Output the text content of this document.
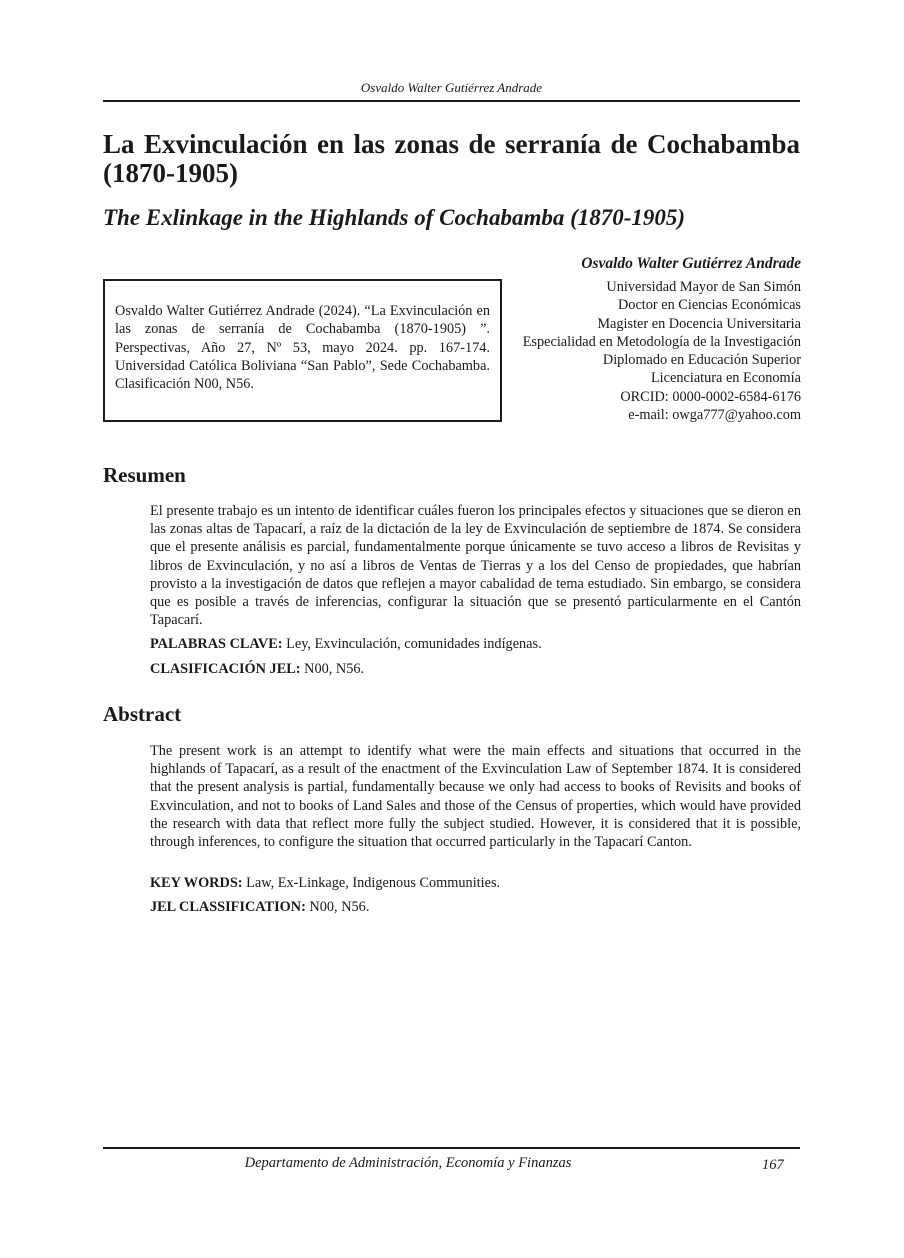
Osvaldo Walter Gutiérrez Andrade
La Exvinculación en las zonas de serranía de Cochabamba (1870-1905)
The Exlinkage in the Highlands of Cochabamba (1870-1905)
Osvaldo Walter Gutiérrez Andrade (2024). “La Exvinculación en las zonas de serranía de Cochabamba (1870-1905) ”. Perspectivas, Año 27, Nº 53, mayo 2024. pp. 167-174. Universidad Católica Boliviana “San Pablo”, Sede Cochabamba. Clasificación N00, N56.
Osvaldo Walter Gutiérrez Andrade
Universidad Mayor de San Simón
Doctor en Ciencias Económicas
Magister en Docencia Universitaria
Especialidad en Metodología de la Investigación
Diplomado en Educación Superior
Licenciatura en Economía
ORCID: 0000-0002-6584-6176
e-mail: owga777@yahoo.com
Resumen

El presente trabajo es un intento de identificar cuáles fueron los principales efectos y situaciones que se dieron en las zonas altas de Tapacarí, a raíz de la dictación de la ley de Exvinculación de septiembre de 1874. Se considera que el presente análisis es parcial, fundamentalmente porque únicamente se tuvo acceso a libros de Revisitas y libros de Exvinculación, y no así a libros de Ventas de Tierras y a los del Censo de propiedades, que habrían provisto a la investigación de datos que reflejen a mayor cabalidad de tema estudiado. Sin embargo, se considera que es posible a través de inferencias, configurar la situación que se presentó particularmente en el Cantón Tapacarí.

PALABRAS CLAVE: Ley, Exvinculación, comunidades indígenas.

CLASIFICACIÓN JEL: N00, N56.

Abstract

The present work is an attempt to identify what were the main effects and situations that occurred in the highlands of Tapacarí, as a result of the enactment of the Exvinculation Law of September 1874. It is considered that the present analysis is partial, fundamentally because we only had access to books of Revisits and books of Exvinculation, and not to books of Land Sales and those of the Census of properties, which would have provided the research with data that reflect more fully the subject studied. However, it is considered that it is possible, through inferences, to configure the situation that occurred particularly in the Tapacarí Canton.

KEY WORDS: Law, Ex-Linkage, Indigenous Communities.

JEL CLASSIFICATION: N00, N56.

Departamento de Administración, Economía y Finanzas	167
